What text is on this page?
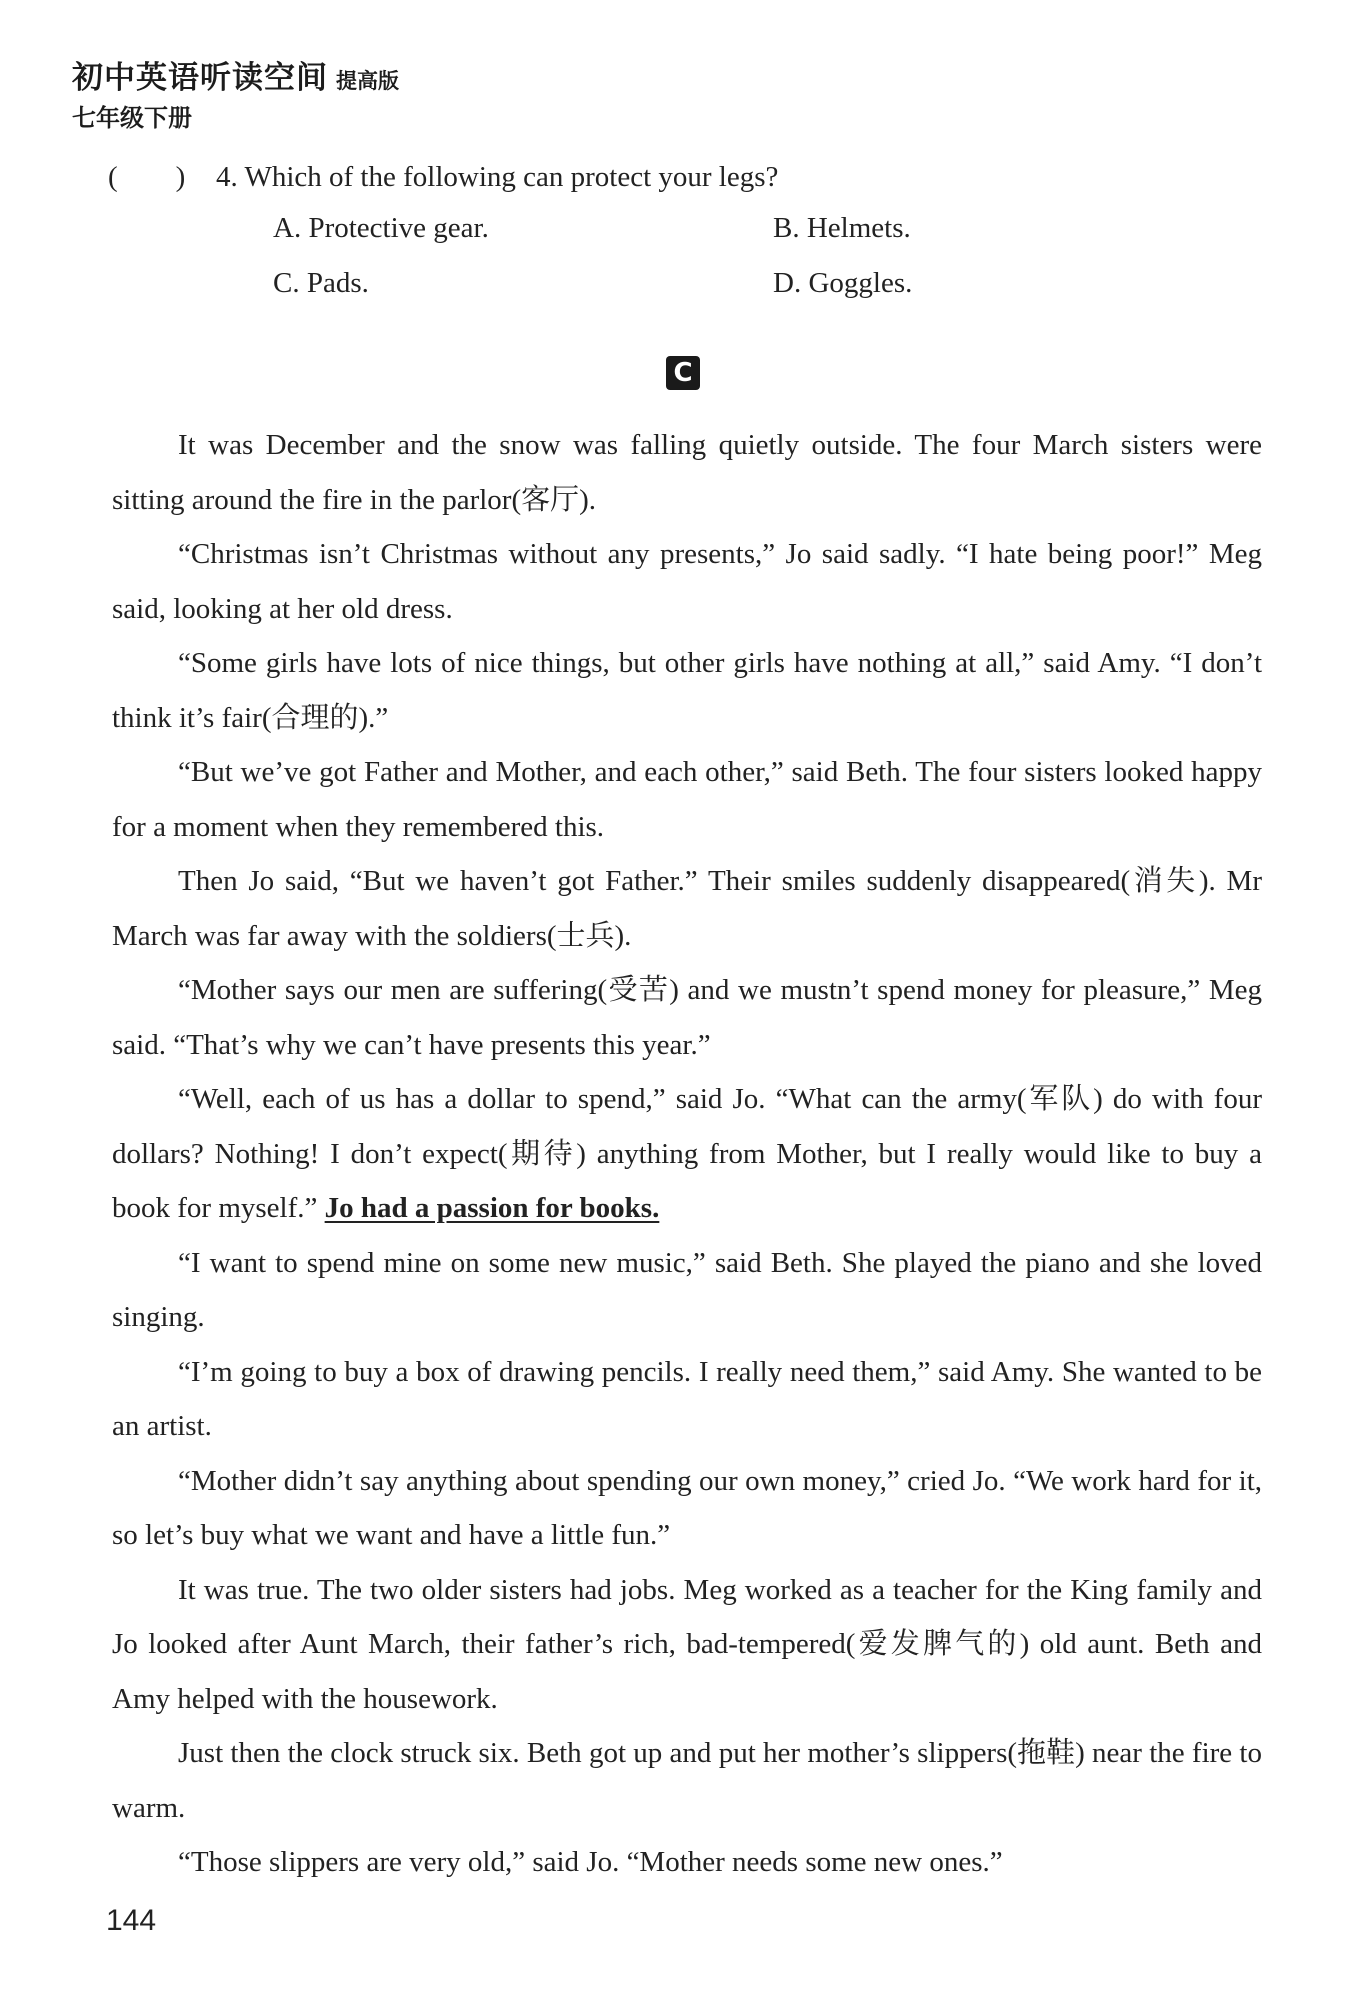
初中英语听读空间 提高版
七年级下册
(　　) 4. Which of the following can protect your legs?
A. Protective gear.	B. Helmets.
C. Pads.	D. Goggles.
C

It was December and the snow was falling quietly outside. The four March sisters were sitting around the fire in the parlor(客厅).

“Christmas isn’t Christmas without any presents,” Jo said sadly. “I hate being poor!” Meg said, looking at her old dress.

“Some girls have lots of nice things, but other girls have nothing at all,” said Amy. “I don’t think it’s fair(合理的).”

“But we’ve got Father and Mother, and each other,” said Beth. The four sisters looked happy for a moment when they remembered this.

Then Jo said, “But we haven’t got Father.” Their smiles suddenly disappeared(消失). Mr March was far away with the soldiers(士兵).

“Mother says our men are suffering(受苦) and we mustn’t spend money for pleasure,” Meg said. “That’s why we can’t have presents this year.”

“Well, each of us has a dollar to spend,” said Jo. “What can the army(军队) do with four dollars? Nothing! I don’t expect(期待) anything from Mother, but I really would like to buy a book for myself.” Jo had a passion for books.

“I want to spend mine on some new music,” said Beth. She played the piano and she loved singing.

“I’m going to buy a box of drawing pencils. I really need them,” said Amy. She wanted to be an artist.

“Mother didn’t say anything about spending our own money,” cried Jo. “We work hard for it, so let’s buy what we want and have a little fun.”

It was true. The two older sisters had jobs. Meg worked as a teacher for the King family and Jo looked after Aunt March, their father’s rich, bad-tempered(爱发脾气的) old aunt. Beth and Amy helped with the housework.

Just then the clock struck six. Beth got up and put her mother’s slippers(拖鞋) near the fire to warm.

“Those slippers are very old,” said Jo. “Mother needs some new ones.”

144
